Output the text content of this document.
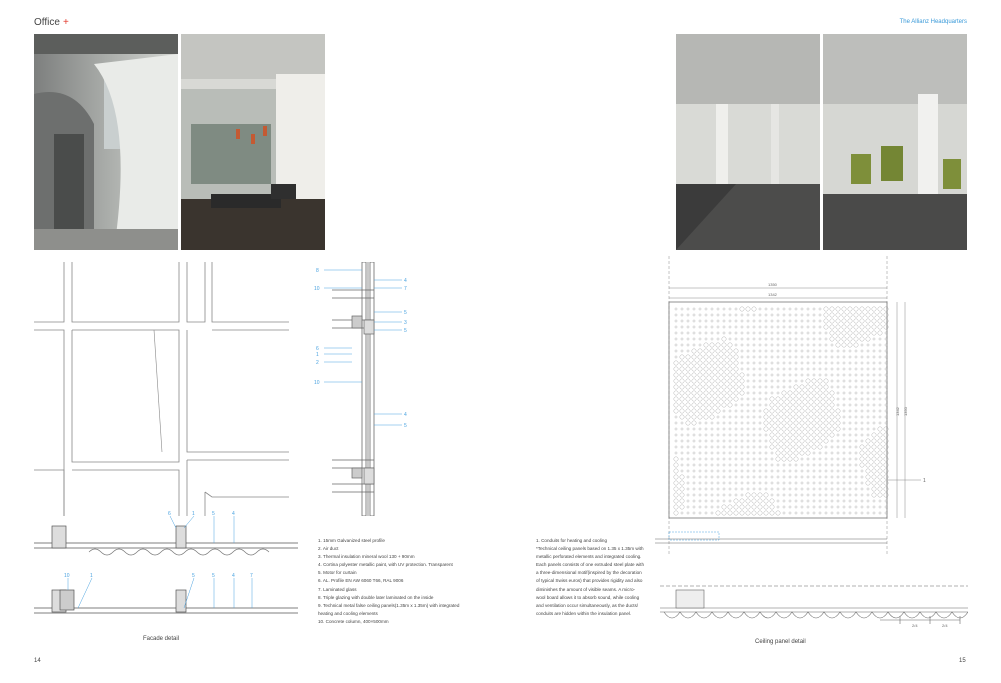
Office +	The Allianz Headquarters
8
10
4
7
5
3
5
6
1
2
10
4
5
6	1	5	4
10	1	5	5	4	7
Facade detail
1. 15mm Galvanized steel profile
2. Air duct
3. Thermal insulation mineral wool 130 + 90mm
4. Cortina polyester metallic paint, with UV protection. Transparent
5. Motor for curtain
6. AL. Profile EN AW 6060 T66, RAL 9006
7. Laminated glass
8. Triple glazing with double later laminated on the inside
9. Technical metal false ceiling panels(1.35m x 1.35m) with integrated
heating and cooling elements
10. Concrete column, 400×500mm
1. Conduits for heating and cooling
*Technical ceiling panels based on 1.35 x 1.35m with
metallic perforated elements and integrated cooling.
Each panels consists of one extruded steel plate with
a three-dimensional motif(inspired by the decoration
of typical Swiss euros) that provides rigidity and also
diminishes the amount of visible seams. A micro-
wool board allows it to absorb sound, while cooling
and ventilation occur simultaneously, as the ducts/
conduits are hidden within the insulation panel.
1350
1342
1342 1350
1
2/4	2/4
Ceiling panel detail
14	15
